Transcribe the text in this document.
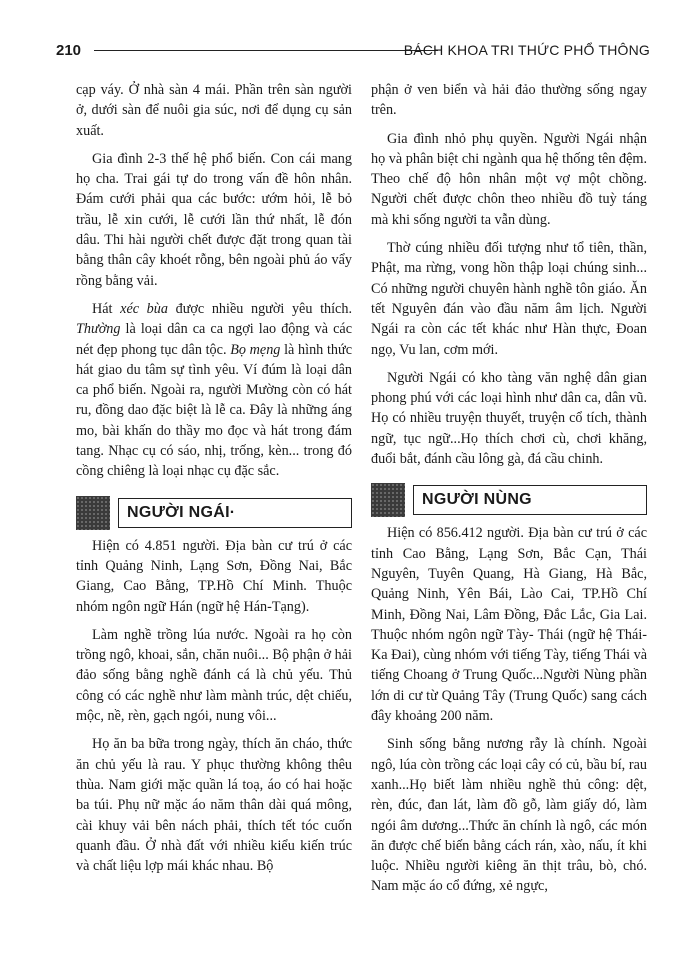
210	BÁCH KHOA TRI THỨC PHỔ THÔNG

cạp váy. Ở nhà sàn 4 mái. Phần trên sàn người ở, dưới sàn để nuôi gia súc, nơi để dụng cụ sản xuất.

Gia đình 2-3 thế hệ phổ biến. Con cái mang họ cha. Trai gái tự do trong vấn đề hôn nhân. Đám cưới phải qua các bước: ướm hỏi, lễ bỏ trầu, lễ xin cưới, lễ cưới lần thứ nhất, lễ đón dâu. Thi hài người chết được đặt trong quan tài bằng thân cây khoét rỗng, bên ngoài phủ áo vẩy rồng bằng vải.

Hát xéc bùa được nhiều người yêu thích. Thường là loại dân ca ca ngợi lao động và các nét đẹp phong tục dân tộc. Bọ mẹng là hình thức hát giao du tâm sự tình yêu. Ví đúm là loại dân ca phổ biến. Ngoài ra, người Mường còn có hát ru, đồng dao đặc biệt là lễ ca. Đây là những áng mo, bài khấn do thầy mo đọc và hát trong đám tang. Nhạc cụ có sáo, nhị, trống, kèn... trong đó cồng chiêng là loại nhạc cụ đặc sắc.

NGƯỜI NGÁI·

Hiện có 4.851 người. Địa bàn cư trú ở các tỉnh Quảng Ninh, Lạng Sơn, Đồng Nai, Bắc Giang, Cao Bằng, TP.Hồ Chí Minh. Thuộc nhóm ngôn ngữ Hán (ngữ hệ Hán-Tạng).

Làm nghề trồng lúa nước. Ngoài ra họ còn trồng ngô, khoai, sắn, chăn nuôi... Bộ phận ở hải đảo sống bằng nghề đánh cá là chủ yếu. Thủ công có các nghề như làm mành trúc, dệt chiếu, mộc, nề, rèn, gạch ngói, nung vôi...

Họ ăn ba bữa trong ngày, thích ăn cháo, thức ăn chủ yếu là rau. Y phục thường không thêu thùa. Nam giới mặc quần lá toạ, áo có hai hoặc ba túi. Phụ nữ mặc áo năm thân dài quá mông, cài khuy vải bên nách phải, thích tết tóc cuốn quanh đầu. Ở nhà đất với nhiều kiểu kiến trúc và chất liệu lợp mái khác nhau. Bộ

phận ở ven biển và hải đảo thường sống ngay trên.

Gia đình nhỏ phụ quyền. Người Ngái nhận họ và phân biệt chi ngành qua hệ thống tên đệm. Theo chế độ hôn nhân một vợ một chồng. Người chết được chôn theo nhiều đồ tuỳ táng mà khi sống người ta vẫn dùng.

Thờ cúng nhiều đối tượng như tổ tiên, thần, Phật, ma rừng, vong hồn thập loại chúng sinh... Có những người chuyên hành nghề tôn giáo. Ăn tết Nguyên đán vào đầu năm âm lịch. Người Ngái ra còn các tết khác như Hàn thực, Đoan ngọ, Vu lan, cơm mới.

Người Ngái có kho tàng văn nghệ dân gian phong phú với các loại hình như dân ca, dân vũ. Họ có nhiều truyện thuyết, truyện cổ tích, thành ngữ, tục ngữ...Họ thích chơi cù, chơi khăng, đuổi bắt, đánh cầu lông gà, đá cầu chinh.

NGƯỜI NÙNG

Hiện có 856.412 người. Địa bàn cư trú ở các tỉnh Cao Bằng, Lạng Sơn, Bắc Cạn, Thái Nguyên, Tuyên Quang, Hà Giang, Hà Bắc, Quảng Ninh, Yên Bái, Lào Cai, TP.Hồ Chí Minh, Đồng Nai, Lâm Đồng, Đắc Lắc, Gia Lai. Thuộc nhóm ngôn ngữ Tày- Thái (ngữ hệ Thái- Ka Đai), cùng nhóm với tiếng Tày, tiếng Thái và tiếng Choang ở Trung Quốc...Người Nùng phần lớn di cư từ Quảng Tây (Trung Quốc) sang cách đây khoảng 200 năm.

Sinh sống bằng nương rẫy là chính. Ngoài ngô, lúa còn trồng các loại cây có củ, bầu bí, rau xanh...Họ biết làm nhiều nghề thủ công: dệt, rèn, đúc, đan lát, làm đồ gỗ, làm giấy dó, làm ngói âm dương...Thức ăn chính là ngô, các món ăn được chế biến bằng cách rán, xào, nấu, ít khi luộc. Nhiều người kiêng ăn thịt trâu, bò, chó. Nam mặc áo cổ đứng, xẻ ngực,
